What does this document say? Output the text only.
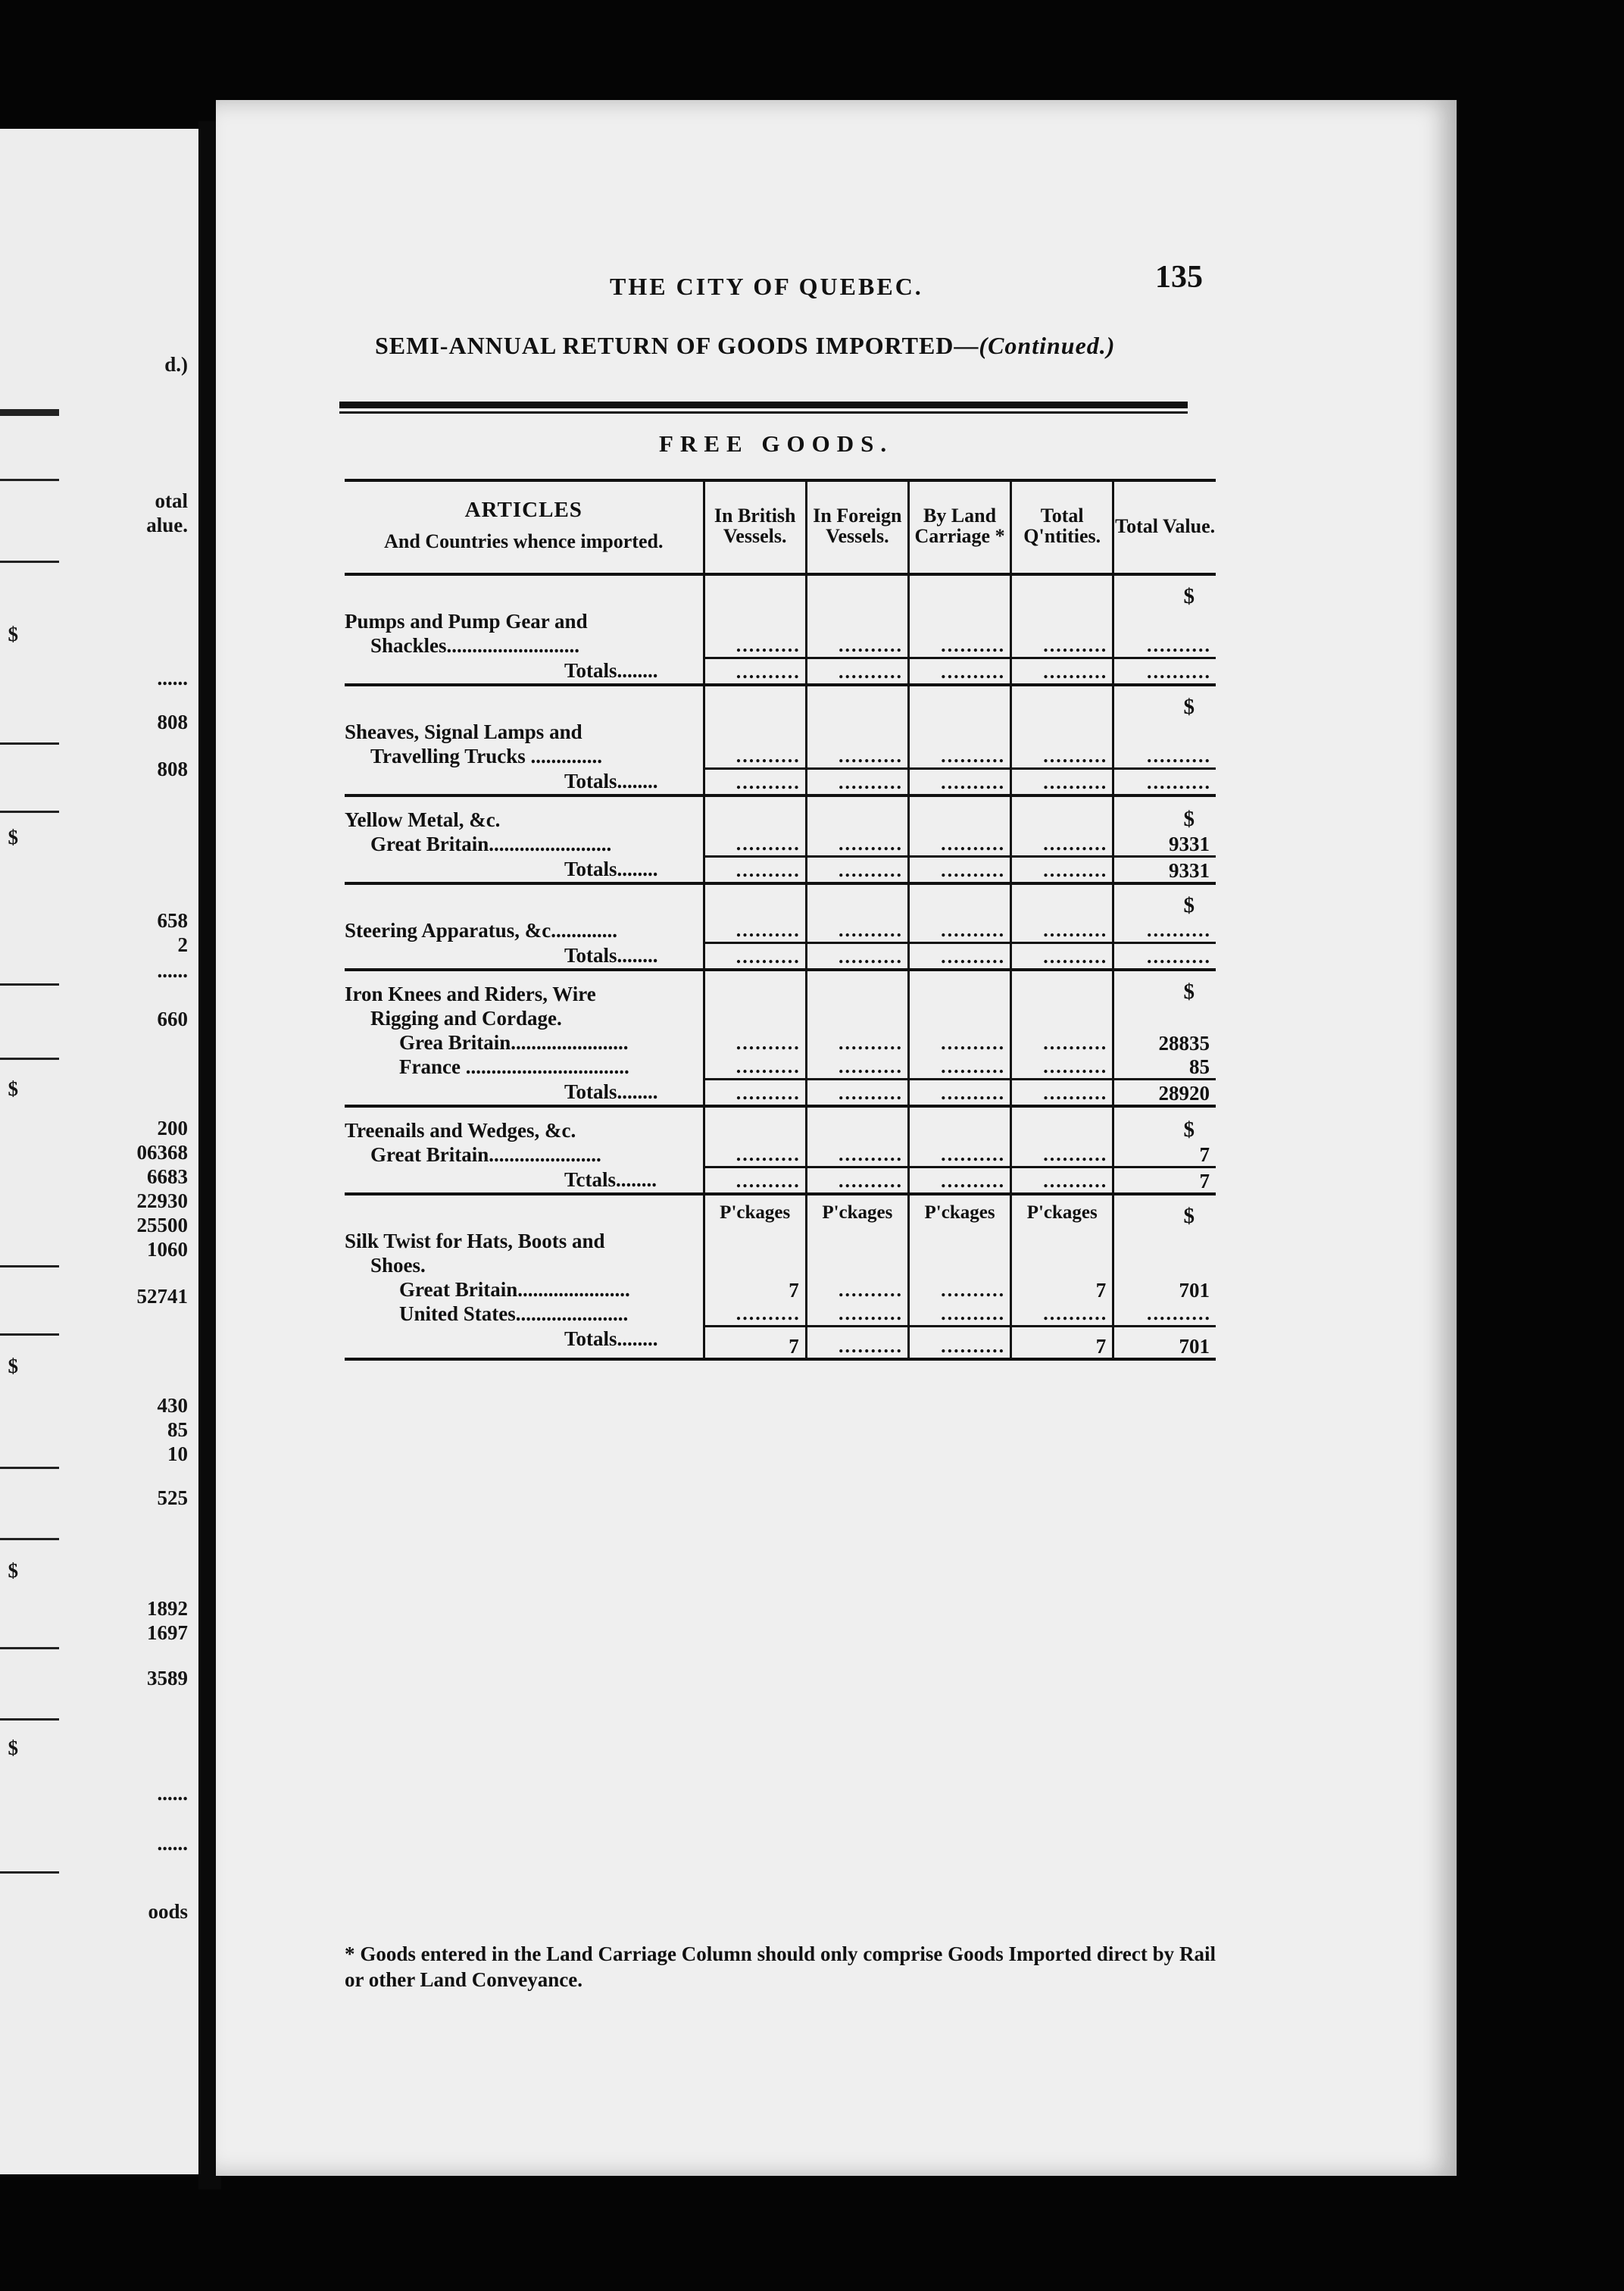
d.)
otal
alue.
$
......
808
808
$
658
2
......
660
$
200
06368
6683
22930
25500
1060
52741
$
430
85
10
525
$
1892
1697
3589
$
......
......
oods
THE CITY OF QUEBEC.	135
SEMI-ANNUAL RETURN OF GOODS IMPORTED—(Continued.)
FREE GOODS.
ARTICLES
And Countries whence imported.	In British Vessels.	In Foreign Vessels.	By Land Carriage *	Total Q'ntities.	Total Value.
					$

Pumps and Pump Gear and
Shackles..........................	..........	..........	..........	..........	..........

Totals........	..........	..........	..........	..........	..........
					$

Sheaves, Signal Lamps and
Travelling Trucks ..............	..........	..........	..........	..........	..........

Totals........	..........	..........	..........	..........	..........

Yellow Metal, &c.					$

Great Britain........................	..........	..........	..........	..........	9331

Totals........	..........	..........	..........	..........	9331
					$

Steering Apparatus, &c.............	..........	..........	..........	..........	..........

Totals........	..........	..........	..........	..........	..........

Iron Knees and Riders, Wire
Rigging and Cordage.					$

Grea Britain.......................	..........	..........	..........	..........	28835

France ................................	..........	..........	..........	..........	85

Totals........	..........	..........	..........	..........	28920

Treenails and Wedges, &c.					$

Great Britain......................	..........	..........	..........	..........	7

Tctals........	..........	..........	..........	..........	7
	P'ckages	P'ckages	P'ckages	P'ckages	$

Silk Twist for Hats, Boots and
Shoes.					

Great Britain......................	7	..........	..........	7	701

United States......................	..........	..........	..........	..........	..........

Totals........	7	..........	..........	7	701
* Goods entered in the Land Carriage Column should only comprise Goods Imported direct by Rail or other Land Conveyance.
